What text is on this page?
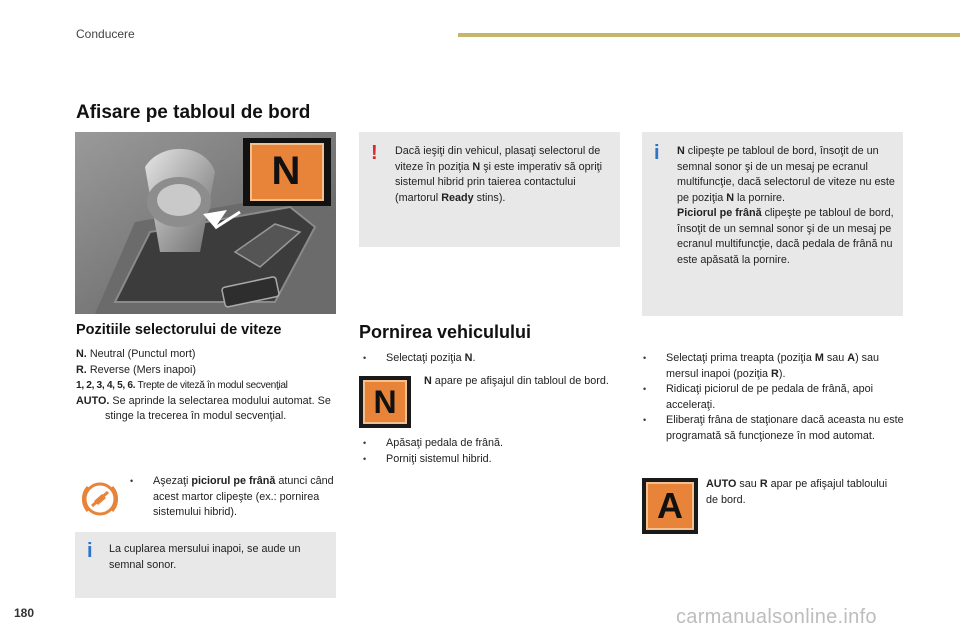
Conducere
Afisare pe tabloul de bord
N
Pozitiile selectorului de viteze
N. Neutral (Punctul mort)
R. Reverse (Mers inapoi)
1, 2, 3, 4, 5, 6. Trepte de viteză în modul secvenţial
AUTO. Se aprinde la selectarea modului automat. Se stinge la trecerea în modul secvenţial.
•	Aşezaţi piciorul pe frână atunci când acest martor clipeşte (ex.: pornirea sistemului hibrid).
i La cuplarea mersului inapoi, se aude un semnal sonor.
! Dacă ieşiţi din vehicul, plasaţi selectorul de viteze în poziţia N şi este imperativ să opriţi sistemul hibrid prin taierea contactului (martorul Ready stins).
i N clipeşte pe tabloul de bord, însoţit de un semnal sonor şi de un mesaj pe ecranul multifuncţie, dacă selectorul de viteze nu este pe poziţia N la pornire.
Piciorul pe frână clipeşte pe tabloul de bord, însoţit de un semnal sonor şi de un mesaj pe ecranul multifuncţie, dacă pedala de frână nu este apăsată la pornire.
Pornirea vehiculului
•	Selectaţi poziţia N.
N
N apare pe afişajul din tabloul de bord.
•	Apăsaţi pedala de frână.
•	Porniţi sistemul hibrid.
•	Selectaţi prima treapta (poziţia M sau A) sau mersul inapoi (poziţia R).
•	Ridicaţi piciorul de pe pedala de frână, apoi acceleraţi.
•	Eliberaţi frâna de staţionare dacă aceasta nu este programată să funcţioneze în mod automat.
A
AUTO sau R apar pe afişajul tabloului de bord.
180	carmanualsonline.info
